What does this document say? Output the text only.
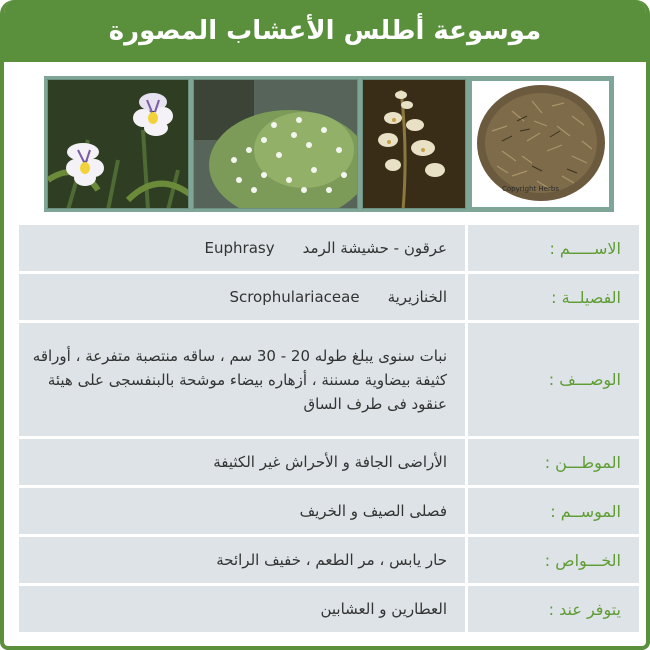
موسوعة أطلس الأعشاب المصورة
Copyright Herbs
الاســـــم :
عرقون - حشيشة الرمد
Euphrasy
الفصيلــة :
الخنازيرية
Scrophulariaceae
الوصـــف :
نبات سنوى يبلغ طوله 20 - 30 سم ، ساقه منتصبة متفرعة ، أوراقه كثيفة بيضاوية مسننة ، أزهاره بيضاء موشحة بالبنفسجى على هيئة عنقود فى طرف الساق
الموطـــن :
الأراضى الجافة و الأحراش غير الكثيفة
الموســم :
فصلى الصيف و الخريف
الخـــواص :
حار يابس ، مر الطعم ، خفيف الرائحة
يتوفر عند :
العطارين و العشابين
